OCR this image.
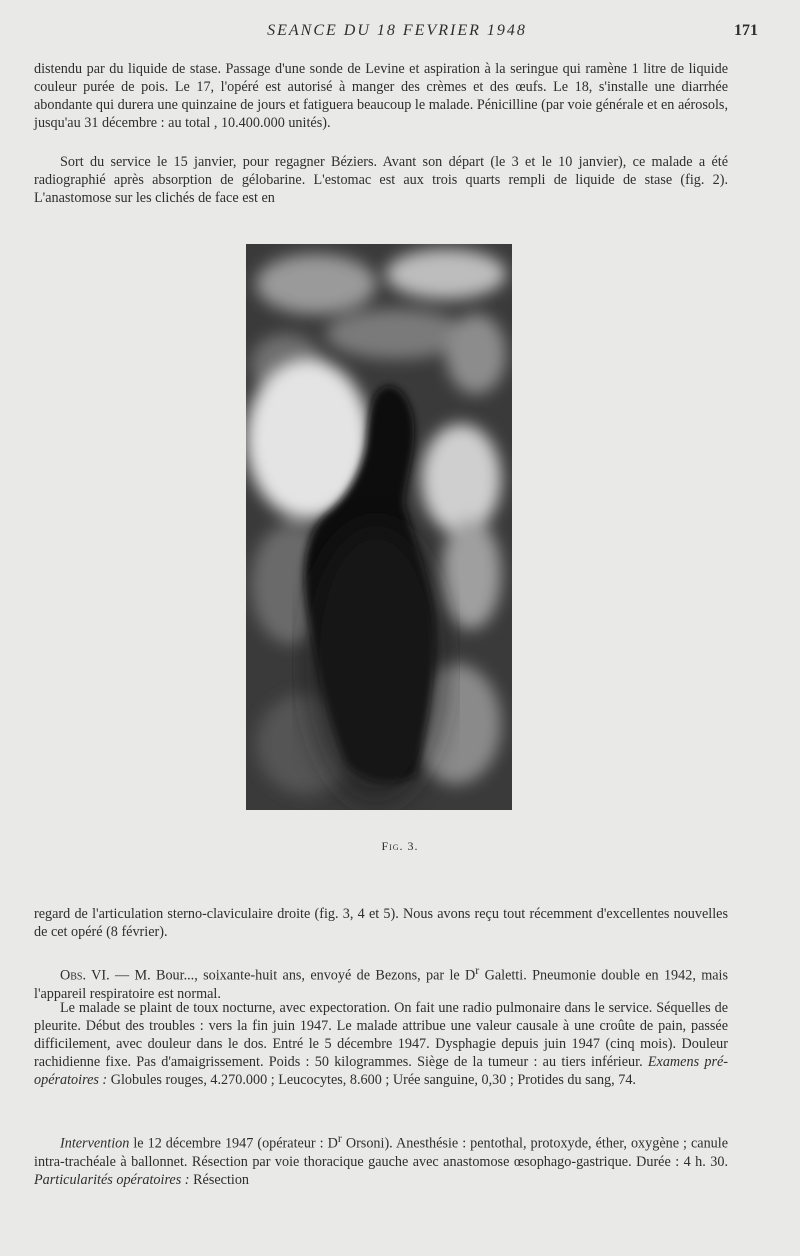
SEANCE DU 18 FEVRIER 1948	171

distendu par du liquide de stase. Passage d'une sonde de Levine et aspiration à la seringue qui ramène 1 litre de liquide couleur purée de pois. Le 17, l'opéré est autorisé à manger des crèmes et des œufs. Le 18, s'installe une diarrhée abondante qui durera une quinzaine de jours et fatiguera beaucoup le malade. Pénicilline (par voie générale et en aérosols, jusqu'au 31 décembre : au total , 10.400.000 unités).

Sort du service le 15 janvier, pour regagner Béziers. Avant son départ (le 3 et le 10 janvier), ce malade a été radiographié après absorption de gélobarine. L'estomac est aux trois quarts rempli de liquide de stase (fig. 2). L'anastomose sur les clichés de face est en

Fig. 3.

regard de l'articulation sterno-claviculaire droite (fig. 3, 4 et 5). Nous avons reçu tout récemment d'excellentes nouvelles de cet opéré (8 février).

Obs. VI. — M. Bour..., soixante-huit ans, envoyé de Bezons, par le $D^r$ Galetti. Pneumonie double en 1942, mais l'appareil respiratoire est normal.

Le malade se plaint de toux nocturne, avec expectoration. On fait une radio pulmonaire dans le service. Séquelles de pleurite. Début des troubles : vers la fin juin 1947. Le malade attribue une valeur causale à une croûte de pain, passée difficilement, avec douleur dans le dos. Entré le 5 décembre 1947. Dysphagie depuis juin 1947 (cinq mois). Douleur rachidienne fixe. Pas d'amaigrissement. Poids : 50 kilogrammes. Siège de la tumeur : au tiers inférieur. Examens pré-opératoires : Globules rouges, 4.270.000 ; Leucocytes, 8.600 ; Urée sanguine, 0,30 ; Protides du sang, 74.

Intervention le 12 décembre 1947 (opérateur : $D^r$ Orsoni). Anesthésie : pentothal, protoxyde, éther, oxygène ; canule intra-trachéale à ballonnet. Résection par voie thoracique gauche avec anastomose œsophago-gastrique. Durée : 4 h. 30. Particularités opératoires : Résection
